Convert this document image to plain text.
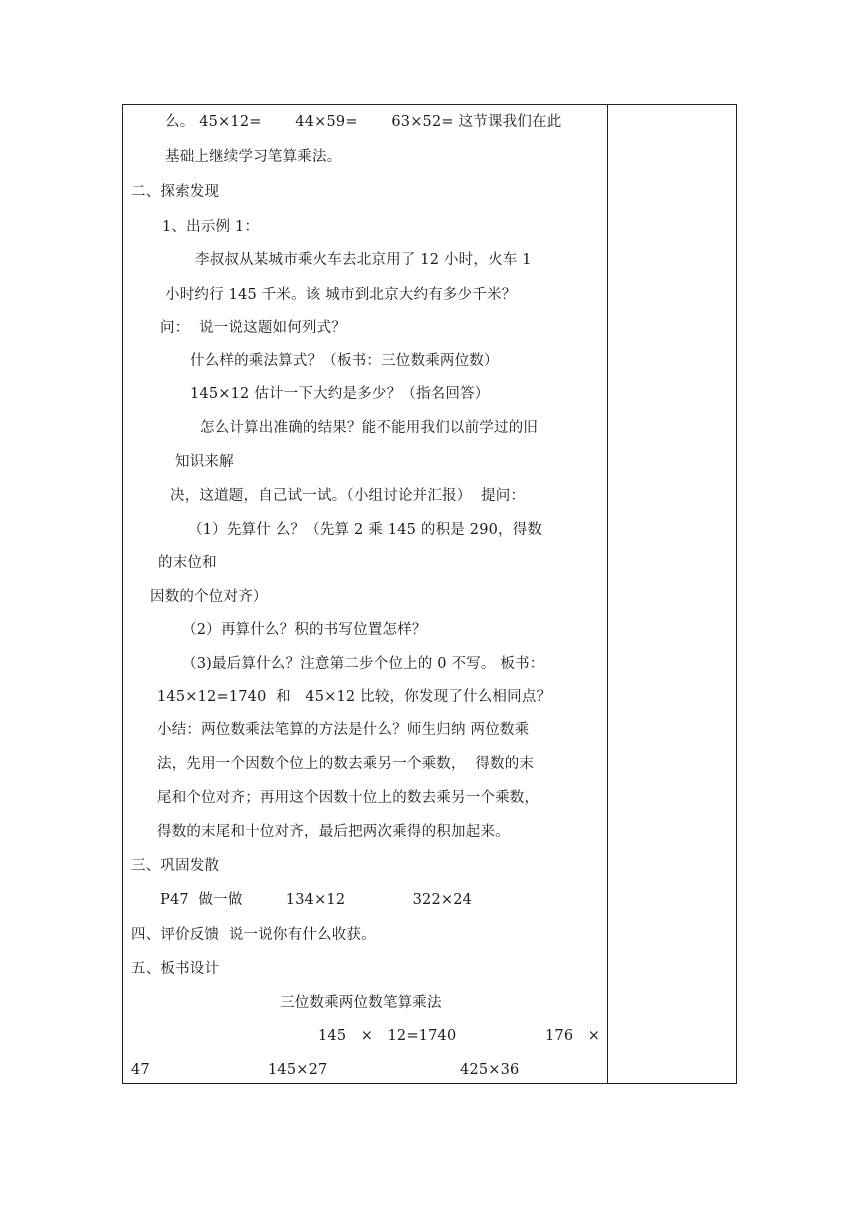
么。 45×12=       44×59=       63×52= 这节课我们在此
基础上继续学习笔算乘法。
二、探索发现
1、出示例 1：
李叔叔从某城市乘火车去北京用了 12 小时，火车 1
小时约行 145 千米。该 城市到北京大约有多少千米？
问：  说一说这题如何列式？
什么样的乘法算式？（板书：三位数乘两位数）
145×12 估计一下大约是多少？（指名回答）
怎么计算出准确的结果？能不能用我们以前学过的旧
知识来解
决，这道题，自己试一试。（小组讨论并汇报）  提问：
（1）先算什 么？（先算 2 乘 145 的积是 290，得数
的末位和
因数的个位对齐）
（2）再算什么？积的书写位置怎样？
（3)最后算什么？注意第二步个位上的 0 不写。 板书：
145×12=1740  和   45×12 比较，你发现了什么相同点？
小结：两位数乘法笔算的方法是什么？师生归纳 两位数乘
法，先用一个因数个位上的数去乘另一个乘数，  得数的末
尾和个位对齐；再用这个因数十位上的数去乘另一个乘数，
得数的末尾和十位对齐，最后把两次乘得的积加起来。
三、巩固发散
P47  做一做         134×12              322×24
四、评价反馈  说一说你有什么收获。
五、板书设计
三位数乘两位数笔算乘法
145   ×   12=1740	176   ×
47	145×27	425×36
